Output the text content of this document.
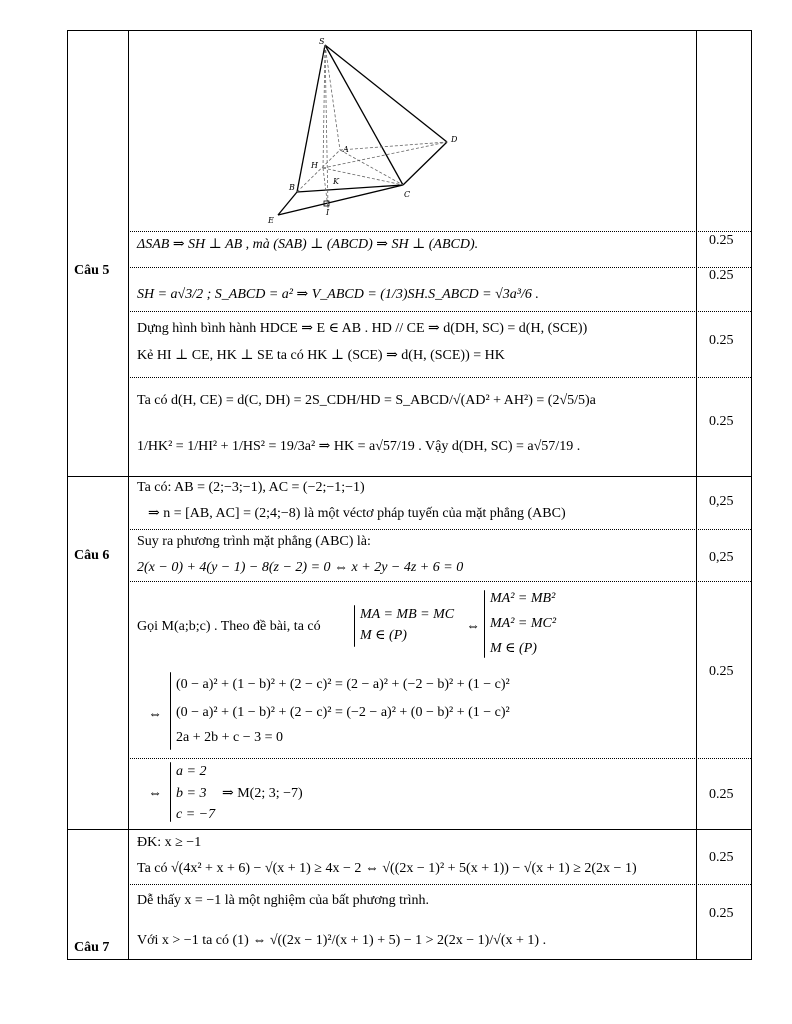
Câu 5
Câu 6
Câu 7
0.25
0.25
0.25
0.25
0,25
0,25
0.25
0.25
0.25
0.25
S
A
D
H
K
B
C
E
I
ΔSAB ⇒ SH ⊥ AB , mà (SAB) ⊥ (ABCD) ⇒ SH ⊥ (ABCD).
SH = a√3/2 ; S_ABCD = a² ⇒ V_ABCD = (1/3)SH.S_ABCD = √3a³/6 .
Dựng hình bình hành HDCE ⇒ E ∈ AB . HD // CE ⇒ d(DH, SC) = d(H, (SCE))
Kẻ HI ⊥ CE, HK ⊥ SE ta có HK ⊥ (SCE) ⇒ d(H, (SCE)) = HK
Ta có d(H, CE) = d(C, DH) = 2S_CDH/HD = S_ABCD/√(AD² + AH²) = (2√5/5)a
1/HK² = 1/HI² + 1/HS² = 19/3a² ⇒ HK = a√57/19 . Vậy d(DH, SC) = a√57/19 .
Ta có: AB = (2;−3;−1), AC = (−2;−1;−1)
⇒ n = [AB, AC] = (2;4;−8) là một véctơ pháp tuyến của mặt phẳng (ABC)
Suy ra phương trình mặt phẳng (ABC) là:
2(x − 0) + 4(y − 1) − 8(z − 2) = 0 ⇔ x + 2y − 4z + 6 = 0
Gọi M(a;b;c) . Theo đề bài, ta có
MA = MB = MC
M ∈ (P)
⇔
MA² = MB²
MA² = MC²
M ∈ (P)
⇔
(0 − a)² + (1 − b)² + (2 − c)² = (2 − a)² + (−2 − b)² + (1 − c)²
(0 − a)² + (1 − b)² + (2 − c)² = (−2 − a)² + (0 − b)² + (1 − c)²
2a + 2b + c − 3 = 0
⇔
a = 2
b = 3
c = −7
⇒ M(2; 3; −7)
ĐK: x ≥ −1
Ta có √(4x² + x + 6) − √(x + 1) ≥ 4x − 2 ⇔ √((2x − 1)² + 5(x + 1)) − √(x + 1) ≥ 2(2x − 1)
Dễ thấy x = −1 là một nghiệm của bất phương trình.
Với x > −1 ta có (1) ⇔ √((2x − 1)²/(x + 1) + 5) − 1 > 2(2x − 1)/√(x + 1) .
